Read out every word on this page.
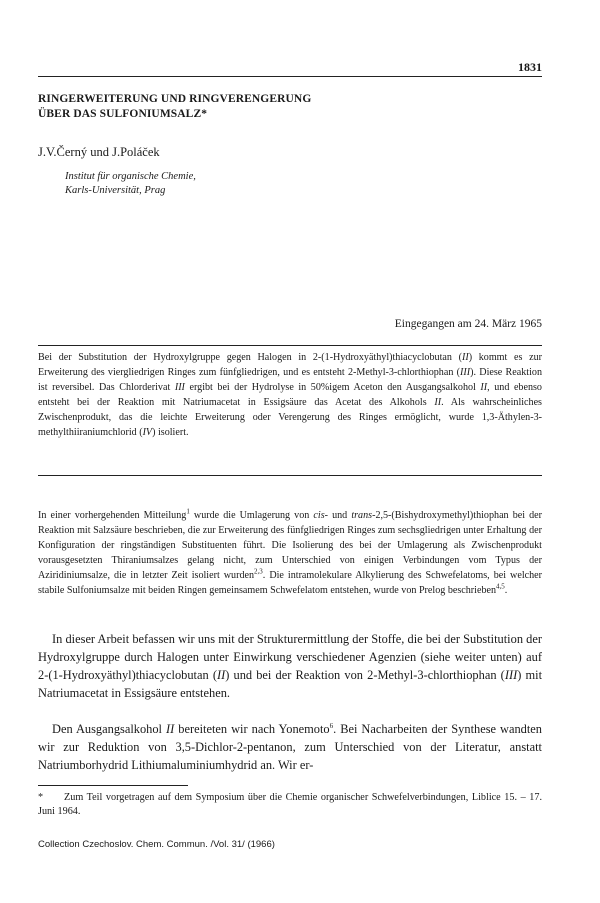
1831
RINGERWEITERUNG UND RINGVERENGERUNG
ÜBER DAS SULFONIUMSALZ*
J.V.Černý und J.Poláček
Institut für organische Chemie,
Karls-Universität, Prag
Eingegangen am 24. März 1965
Bei der Substitution der Hydroxylgruppe gegen Halogen in 2-(1-Hydroxyäthyl)thiacyclobutan (II) kommt es zur Erweiterung des viergliedrigen Ringes zum fünfgliedrigen, und es entsteht 2-Methyl-3-chlorthiophan (III). Diese Reaktion ist reversibel. Das Chlorderivat III ergibt bei der Hydrolyse in 50%igem Aceton den Ausgangsalkohol II, und ebenso entsteht bei der Reaktion mit Natriumacetat in Essigsäure das Acetat des Alkohols II. Als wahrscheinliches Zwischenprodukt, das die leichte Erweiterung oder Verengerung des Ringes ermöglicht, wurde 1,3-Äthylen-3-methylthiiraniumchlorid (IV) isoliert.
In einer vorhergehenden Mitteilung$^1$ wurde die Umlagerung von cis- und trans-2,5-(Bishydroxymethyl)thiophan bei der Reaktion mit Salzsäure beschrieben, die zur Erweiterung des fünfgliedrigen Ringes zum sechsgliedrigen unter Erhaltung der Konfiguration der ringständigen Substituenten führt. Die Isolierung des bei der Umlagerung als Zwischenprodukt vorausgesetzten Thiraniumsalzes gelang nicht, zum Unterschied von einigen Verbindungen vom Typus der Aziridiniumsalze, die in letzter Zeit isoliert wurden$^{2,3}$. Die intramolekulare Alkylierung des Schwefelatoms, bei welcher stabile Sulfoniumsalze mit beiden Ringen gemeinsamem Schwefelatom entstehen, wurde von Prelog beschrieben$^{4,5}$.
In dieser Arbeit befassen wir uns mit der Strukturermittlung der Stoffe, die bei der Substitution der Hydroxylgruppe durch Halogen unter Einwirkung verschiedener Agenzien (siehe weiter unten) auf 2-(1-Hydroxyäthyl)thiacyclobutan (II) und bei der Reaktion von 2-Methyl-3-chlorthiophan (III) mit Natriumacetat in Essigsäure entstehen.
Den Ausgangsalkohol II bereiteten wir nach Yonemoto$^6$. Bei Nacharbeiten der Synthese wandten wir zur Reduktion von 3,5-Dichlor-2-pentanon, zum Unterschied von der Literatur, anstatt Natriumborhydrid Lithiumaluminiumhydrid an. Wir er-
* Zum Teil vorgetragen auf dem Symposium über die Chemie organischer Schwefelverbindungen, Liblice 15. – 17. Juni 1964.
Collection Czechoslov. Chem. Commun. /Vol. 31/ (1966)
